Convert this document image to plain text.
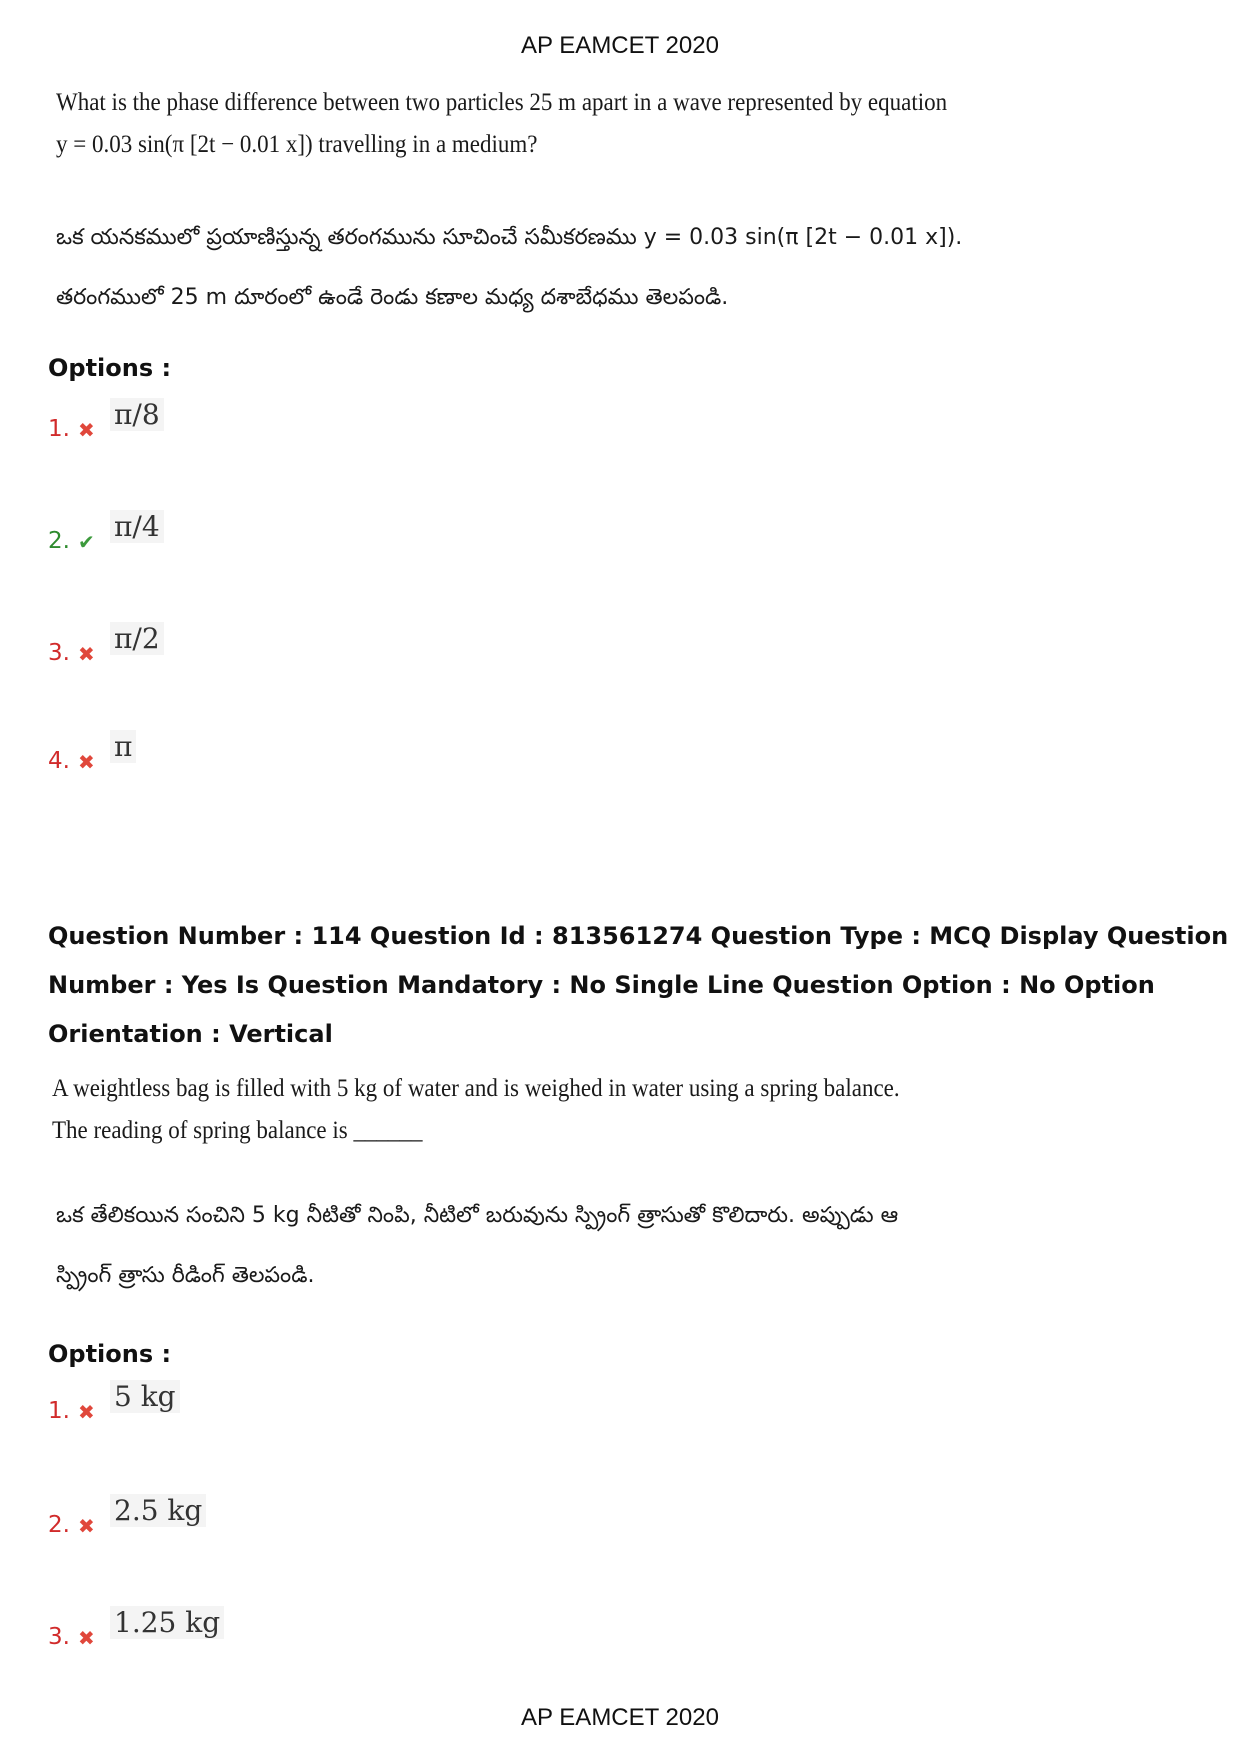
AP EAMCET 2020
What is the phase difference between two particles 25 m apart in a wave represented by equation
y = 0.03 sin(π [2t − 0.01 x]) travelling in a medium?
ఒక యనకములో ప్రయాణిస్తున్న తరంగమును సూచించే సమీకరణము y = 0.03 sin(π [2t − 0.01 x]).
తరంగములో 25 m దూరంలో ఉండే రెండు కణాల మధ్య దశాబేధము తెలపండి.
Options :
1. ✖ π/8
2. ✔ π/4
3. ✖ π/2
4. ✖ π
Question Number : 114 Question Id : 813561274 Question Type : MCQ Display Question
Number : Yes Is Question Mandatory : No Single Line Question Option : No Option
Orientation : Vertical
A weightless bag is filled with 5 kg of water and is weighed in water using a spring balance.
The reading of spring balance is ______
ఒక తేలికయిన సంచిని 5 kg నీటితో నింపి, నీటిలో బరువును స్ప్రింగ్ త్రాసుతో కొలిదారు. అప్పుడు ఆ
స్ప్రింగ్ త్రాసు రీడింగ్ తెలపండి.
Options :
1. ✖ 5 kg
2. ✖ 2.5 kg
3. ✖ 1.25 kg
AP EAMCET 2020
